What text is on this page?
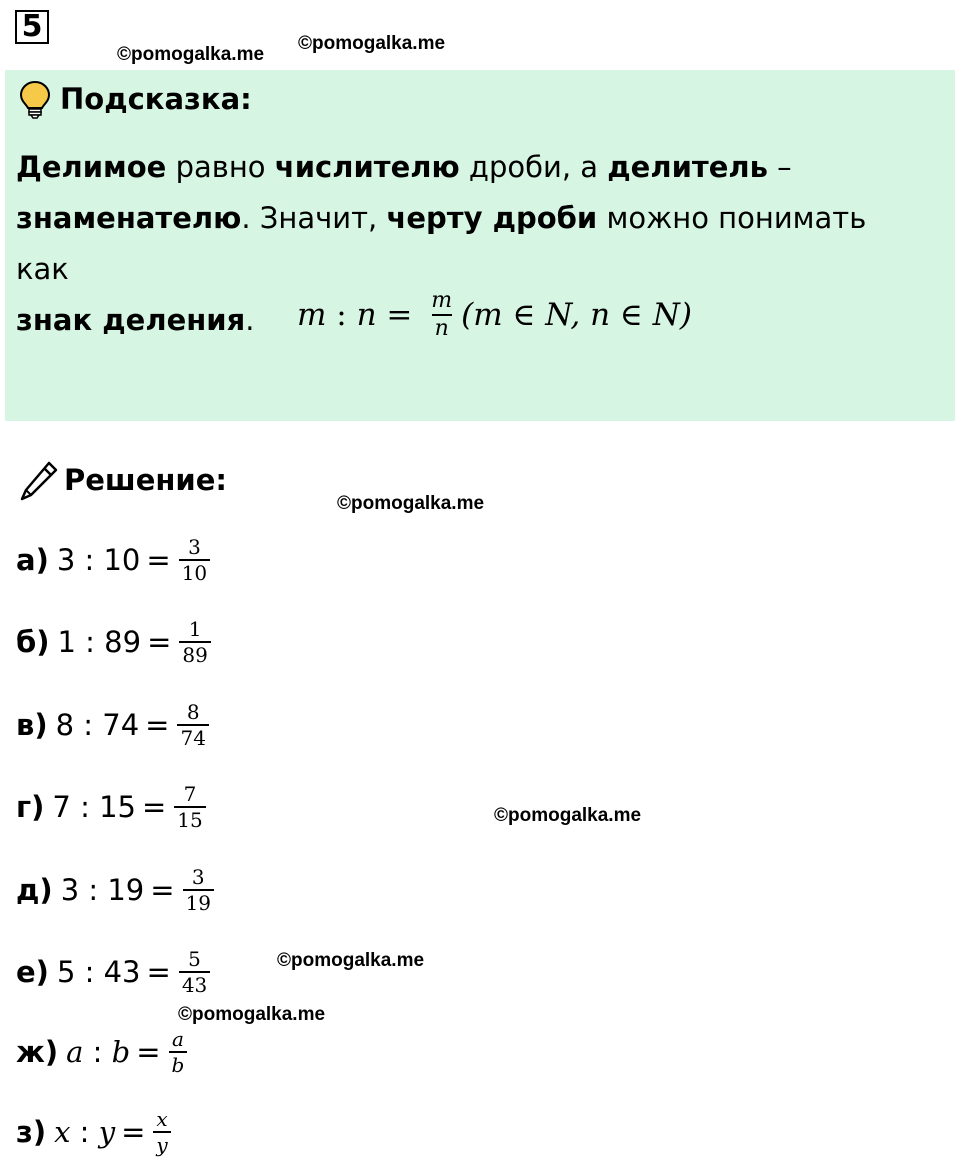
5
©pomogalka.me
©pomogalka.me
Подсказка:
Делимое равно числителю дроби, а делитель –
знаменателю. Значит, черту дроби можно понимать как
знак деления.	m : $n = \frac{m}{n} (m$ ∈ N, n ∈ N)
Решение:
©pomogalka.me
©pomogalka.me
©pomogalka.me
©pomogalka.me
а) 3 : $10 = \frac{3}{10}$
б) 1 : $89 = \frac{1}{89}$
в) 8 : $74 = \frac{8}{74}$
г) 7 : $15 = \frac{7}{15}$
д) 3 : $19 = \frac{3}{19}$
е) 5 : $43 = \frac{5}{43}$
ж) a : $b = \frac{a}{b}$
з) x : $y = \frac{x}{y}$
